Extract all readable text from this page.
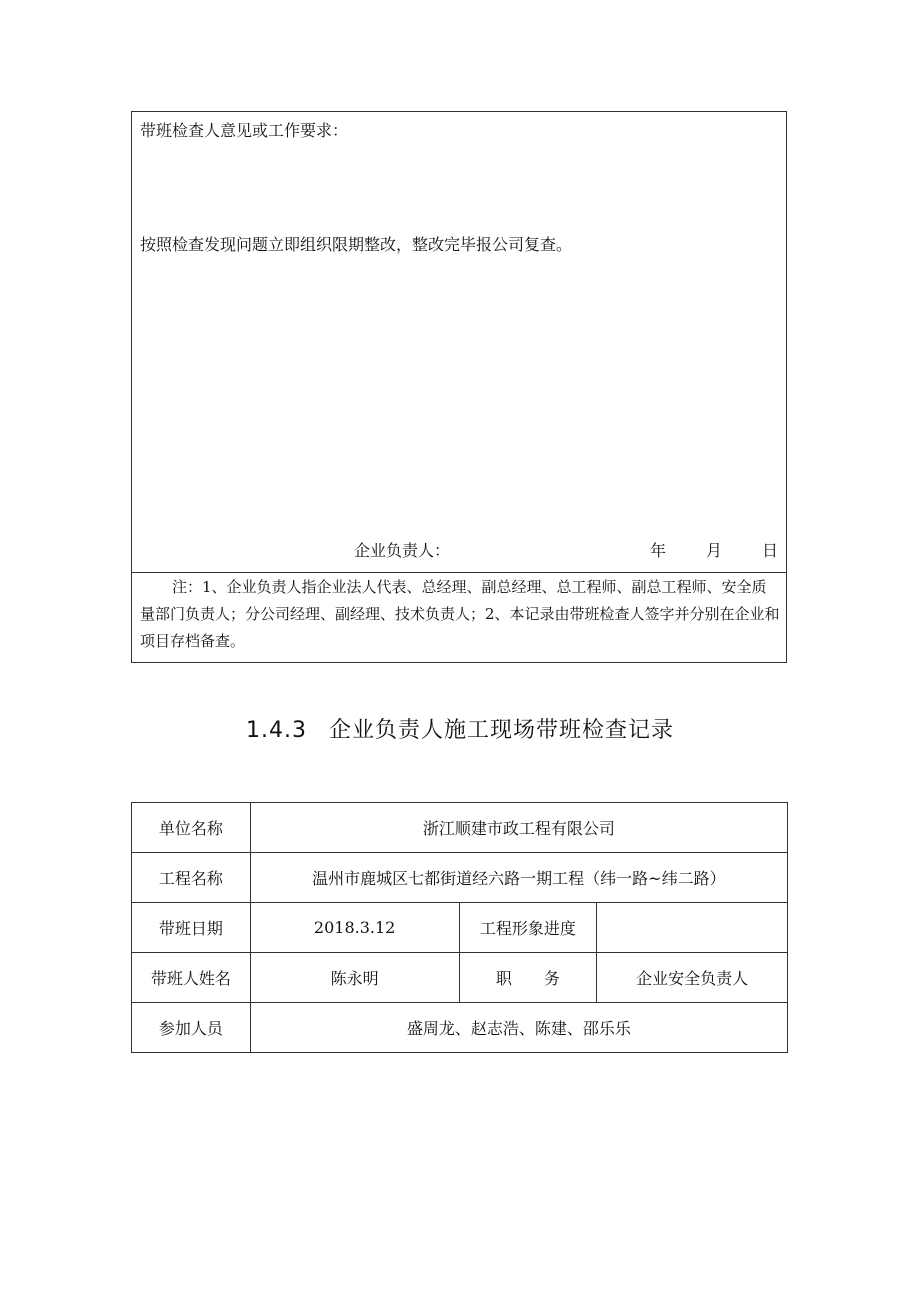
带班检查人意见或工作要求：
按照检查发现问题立即组织限期整改，整改完毕报公司复查。
企业负责人：	年 月 日
注：1、企业负责人指企业法人代表、总经理、副总经理、总工程师、副总工程师、安全质量部门负责人；分公司经理、副经理、技术负责人；2、本记录由带班检查人签字并分别在企业和项目存档备查。
1.4.3 企业负责人施工现场带班检查记录
单位名称	浙江顺建市政工程有限公司		
工程名称	温州市鹿城区七都街道经六路一期工程（纬一路~纬二路）		
带班日期	2018.3.12	工程形象进度	
带班人姓名	陈永明	职　　务	企业安全负责人
参加人员	盛周龙、赵志浩、陈建、邵乐乐		
